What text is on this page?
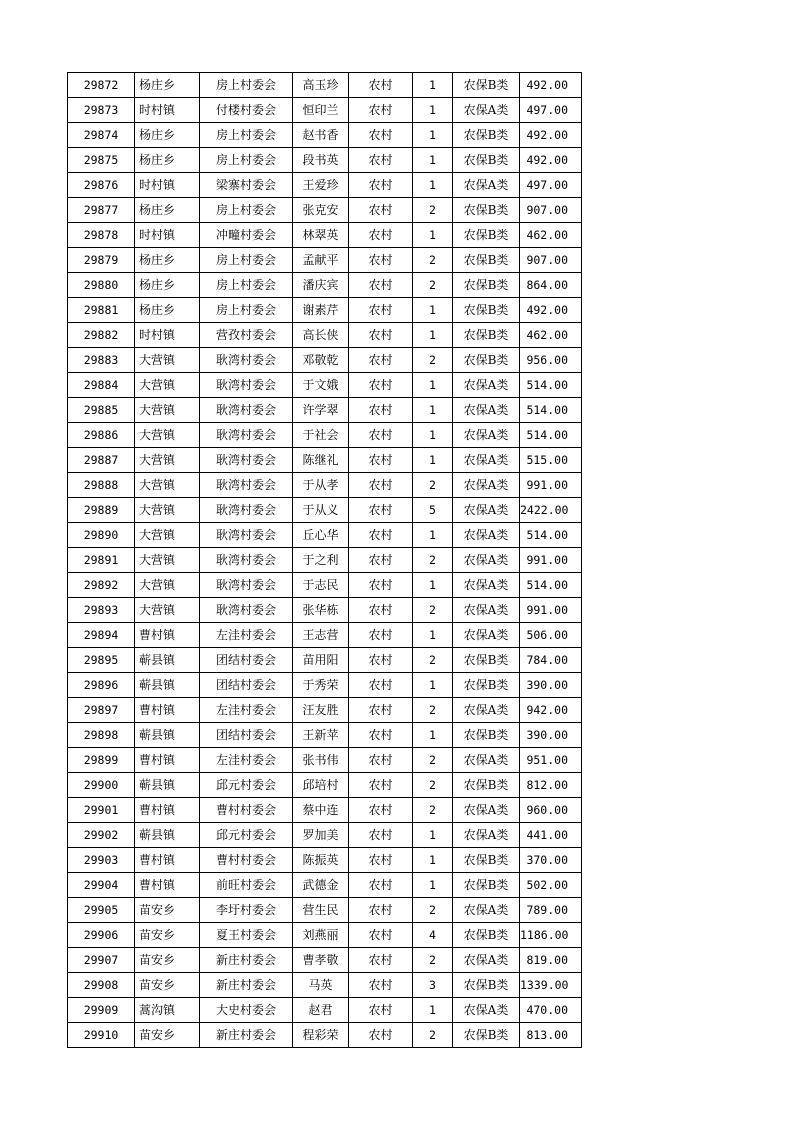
29872	杨庄乡	房上村委会	高玉珍	农村	1	农保B类	492.00
29873	时村镇	付楼村委会	恒印兰	农村	1	农保A类	497.00
29874	杨庄乡	房上村委会	赵书香	农村	1	农保B类	492.00
29875	杨庄乡	房上村委会	段书英	农村	1	农保B类	492.00
29876	时村镇	梁寨村委会	王爱珍	农村	1	农保A类	497.00
29877	杨庄乡	房上村委会	张克安	农村	2	农保B类	907.00
29878	时村镇	冲疃村委会	林翠英	农村	1	农保B类	462.00
29879	杨庄乡	房上村委会	孟献平	农村	2	农保B类	907.00
29880	杨庄乡	房上村委会	潘庆宾	农村	2	农保B类	864.00
29881	杨庄乡	房上村委会	谢素芹	农村	1	农保B类	492.00
29882	时村镇	营孜村委会	高长侠	农村	1	农保B类	462.00
29883	大营镇	耿湾村委会	邓敬乾	农村	2	农保B类	956.00
29884	大营镇	耿湾村委会	于文娥	农村	1	农保A类	514.00
29885	大营镇	耿湾村委会	许学翠	农村	1	农保A类	514.00
29886	大营镇	耿湾村委会	于社会	农村	1	农保A类	514.00
29887	大营镇	耿湾村委会	陈继礼	农村	1	农保A类	515.00
29888	大营镇	耿湾村委会	于从孝	农村	2	农保A类	991.00
29889	大营镇	耿湾村委会	于从义	农村	5	农保A类	2422.00
29890	大营镇	耿湾村委会	丘心华	农村	1	农保A类	514.00
29891	大营镇	耿湾村委会	于之利	农村	2	农保A类	991.00
29892	大营镇	耿湾村委会	于志民	农村	1	农保A类	514.00
29893	大营镇	耿湾村委会	张华栋	农村	2	农保A类	991.00
29894	曹村镇	左洼村委会	王志营	农村	1	农保A类	506.00
29895	蕲县镇	团结村委会	苗用阳	农村	2	农保B类	784.00
29896	蕲县镇	团结村委会	于秀荣	农村	1	农保B类	390.00
29897	曹村镇	左洼村委会	汪友胜	农村	2	农保A类	942.00
29898	蕲县镇	团结村委会	王新苹	农村	1	农保B类	390.00
29899	曹村镇	左洼村委会	张书伟	农村	2	农保A类	951.00
29900	蕲县镇	邱元村委会	邱培村	农村	2	农保B类	812.00
29901	曹村镇	曹村村委会	蔡中连	农村	2	农保A类	960.00
29902	蕲县镇	邱元村委会	罗加美	农村	1	农保A类	441.00
29903	曹村镇	曹村村委会	陈振英	农村	1	农保B类	370.00
29904	曹村镇	前旺村委会	武德金	农村	1	农保B类	502.00
29905	苗安乡	李圩村委会	营生民	农村	2	农保A类	789.00
29906	苗安乡	夏王村委会	刘燕丽	农村	4	农保B类	1186.00
29907	苗安乡	新庄村委会	曹孝敬	农村	2	农保A类	819.00
29908	苗安乡	新庄村委会	马英	农村	3	农保B类	1339.00
29909	蒿沟镇	大史村委会	赵君	农村	1	农保A类	470.00
29910	苗安乡	新庄村委会	程彩荣	农村	2	农保B类	813.00
